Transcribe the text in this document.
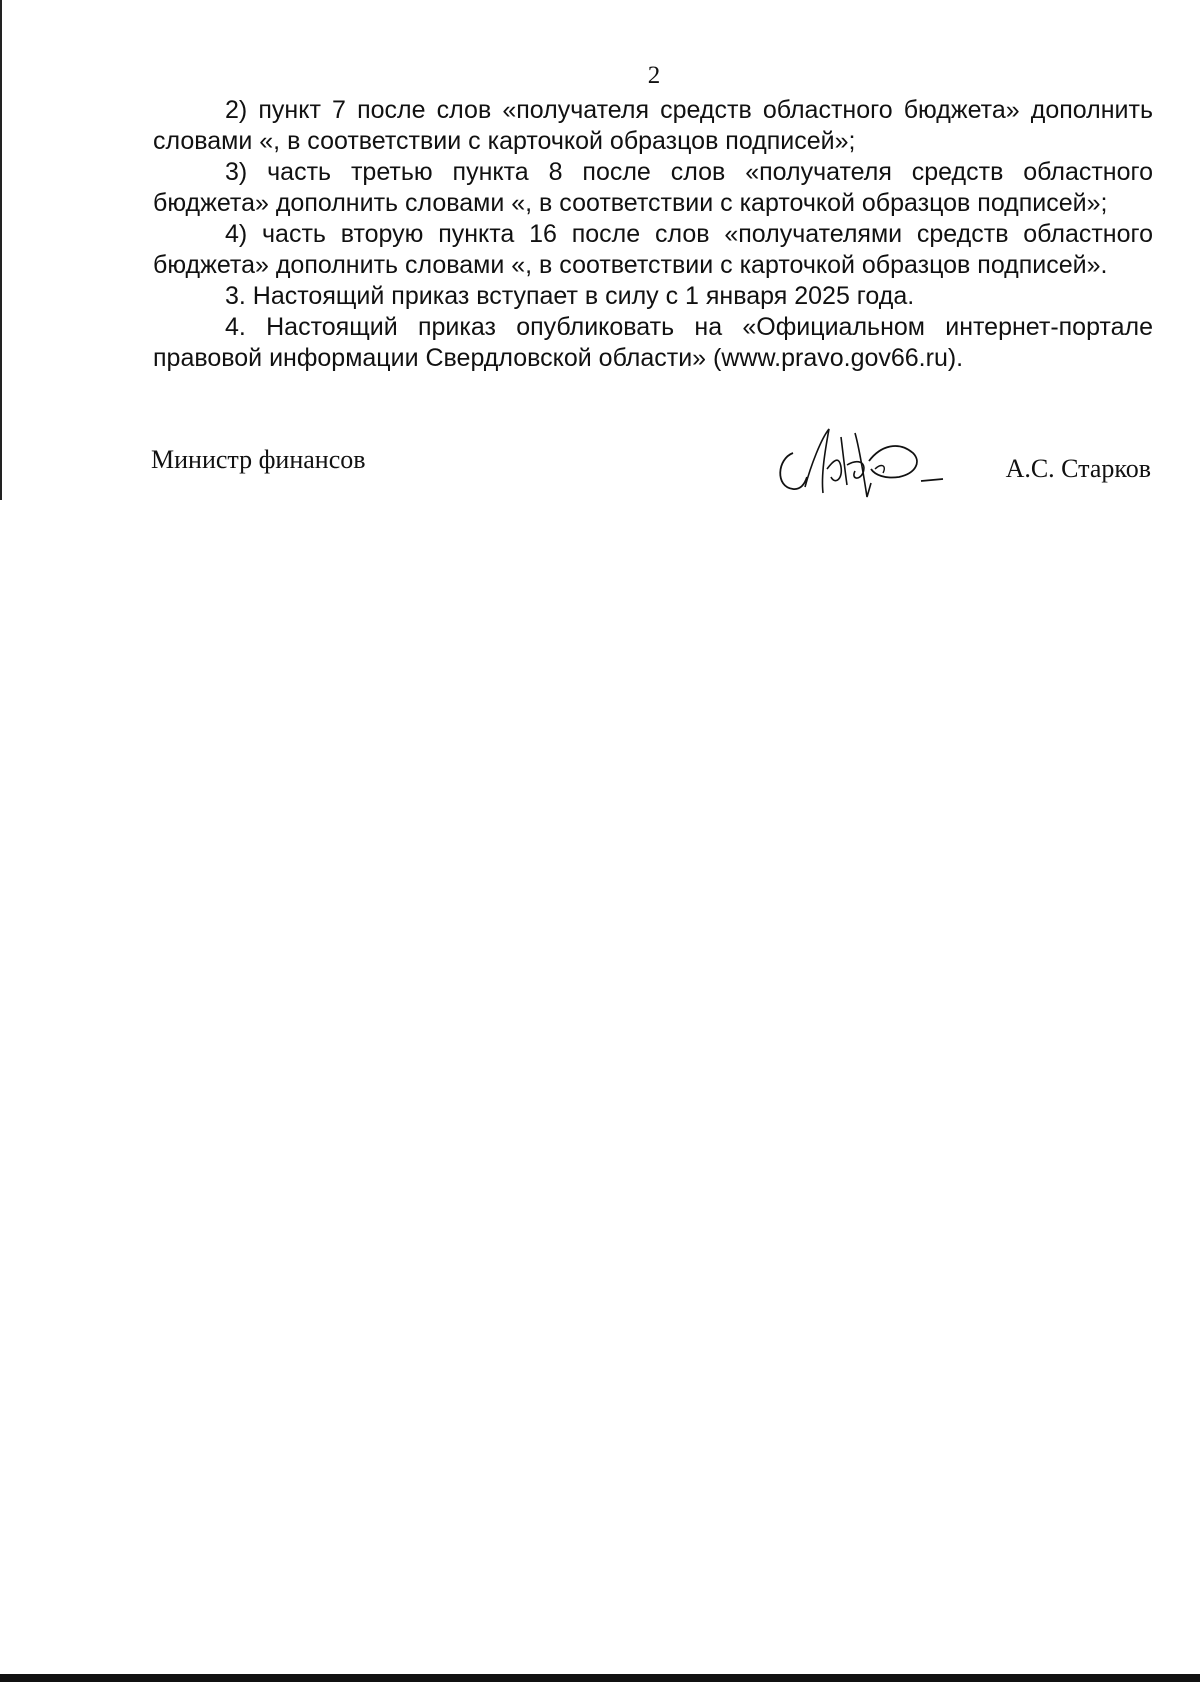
2

2) пункт 7 после слов «получателя средств областного бюджета» дополнить словами «, в соответствии с карточкой образцов подписей»;

3) часть третью пункта 8 после слов «получателя средств областного бюджета» дополнить словами «, в соответствии с карточкой образцов подписей»;

4) часть вторую пункта 16 после слов «получателями средств областного бюджета» дополнить словами «, в соответствии с карточкой образцов подписей».

3. Настоящий приказ вступает в силу с 1 января 2025 года.

4. Настоящий приказ опубликовать на «Официальном интернет-портале правовой информации Свердловской области» (www.pravo.gov66.ru).

Министр финансов	А.С. Старков
